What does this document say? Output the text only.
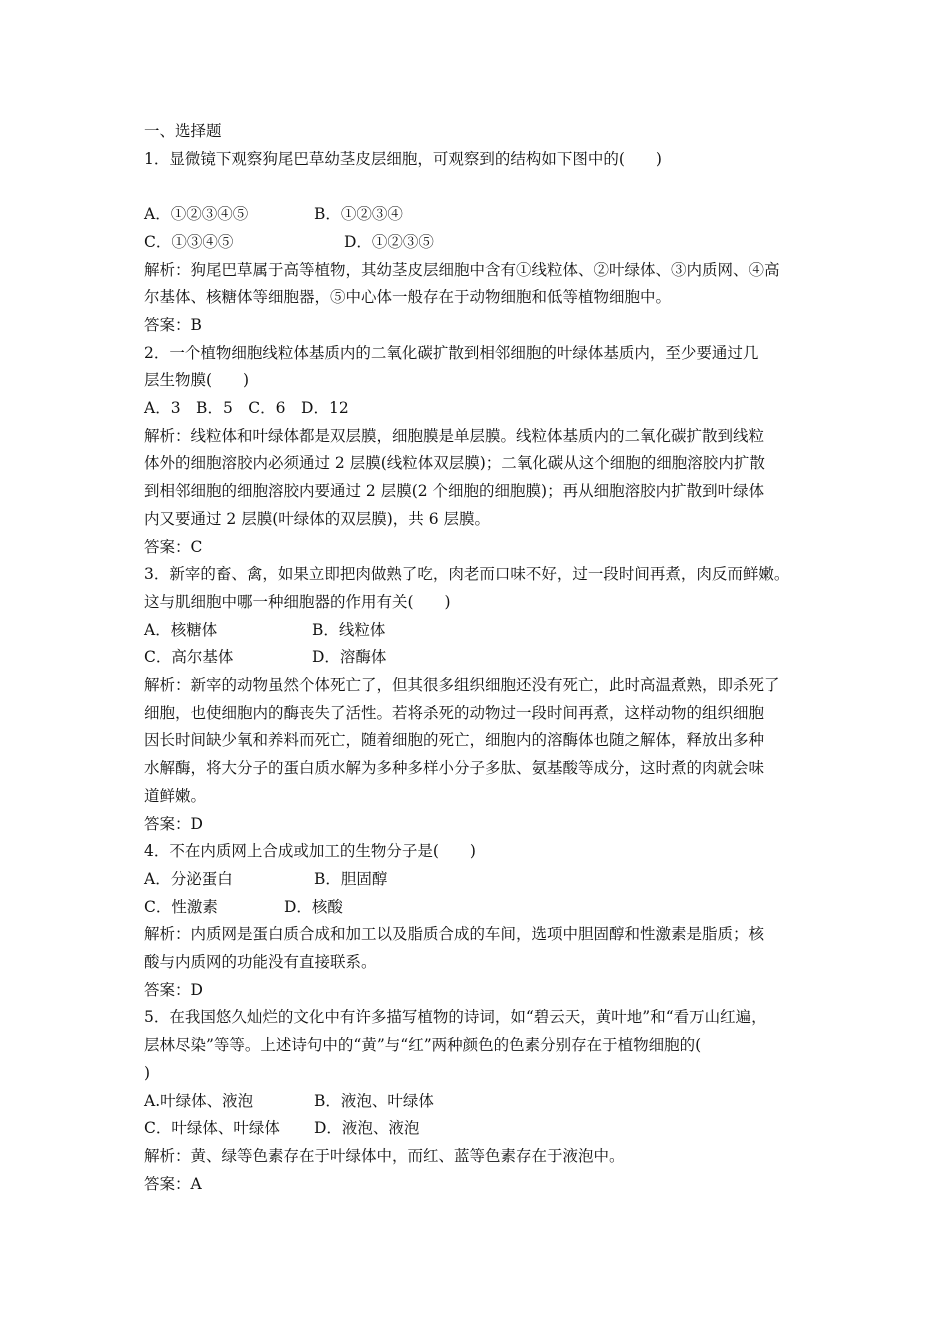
一、选择题
1．显微镜下观察狗尾巴草幼茎皮层细胞，可观察到的结构如下图中的(　　)
A．①②③④⑤	B．①②③④
C．①③④⑤	D．①②③⑤
解析：狗尾巴草属于高等植物，其幼茎皮层细胞中含有①线粒体、②叶绿体、③内质网、④高
尔基体、核糖体等细胞器，⑤中心体一般存在于动物细胞和低等植物细胞中。
答案：B
2．一个植物细胞线粒体基质内的二氧化碳扩散到相邻细胞的叶绿体基质内，至少要通过几
层生物膜(　　)
A．3　B．5　C．6　D．12
解析：线粒体和叶绿体都是双层膜，细胞膜是单层膜。线粒体基质内的二氧化碳扩散到线粒
体外的细胞溶胶内必须通过 2 层膜(线粒体双层膜)；二氧化碳从这个细胞的细胞溶胶内扩散
到相邻细胞的细胞溶胶内要通过 2 层膜(2 个细胞的细胞膜)；再从细胞溶胶内扩散到叶绿体
内又要通过 2 层膜(叶绿体的双层膜)，共 6 层膜。
答案：C
3．新宰的畜、禽，如果立即把肉做熟了吃，肉老而口味不好，过一段时间再煮，肉反而鲜嫩。
这与肌细胞中哪一种细胞器的作用有关(　　)
A．核糖体	B．线粒体
C．高尔基体	D．溶酶体
解析：新宰的动物虽然个体死亡了，但其很多组织细胞还没有死亡，此时高温煮熟，即杀死了
细胞，也使细胞内的酶丧失了活性。若将杀死的动物过一段时间再煮，这样动物的组织细胞
因长时间缺少氧和养料而死亡，随着细胞的死亡，细胞内的溶酶体也随之解体，释放出多种
水解酶，将大分子的蛋白质水解为多种多样小分子多肽、氨基酸等成分，这时煮的肉就会味
道鲜嫩。
答案：D
4．不在内质网上合成或加工的生物分子是(　　)
A．分泌蛋白	B．胆固醇
C．性激素	D．核酸
解析：内质网是蛋白质合成和加工以及脂质合成的车间，选项中胆固醇和性激素是脂质；核
酸与内质网的功能没有直接联系。
答案：D
5．在我国悠久灿烂的文化中有许多描写植物的诗词，如“碧云天，黄叶地”和“看万山红遍，
层林尽染”等等。上述诗句中的“黄”与“红”两种颜色的色素分别存在于植物细胞的(
)
A.叶绿体、液泡	B．液泡、叶绿体
C．叶绿体、叶绿体 D．液泡、液泡
解析：黄、绿等色素存在于叶绿体中，而红、蓝等色素存在于液泡中。
答案：A
